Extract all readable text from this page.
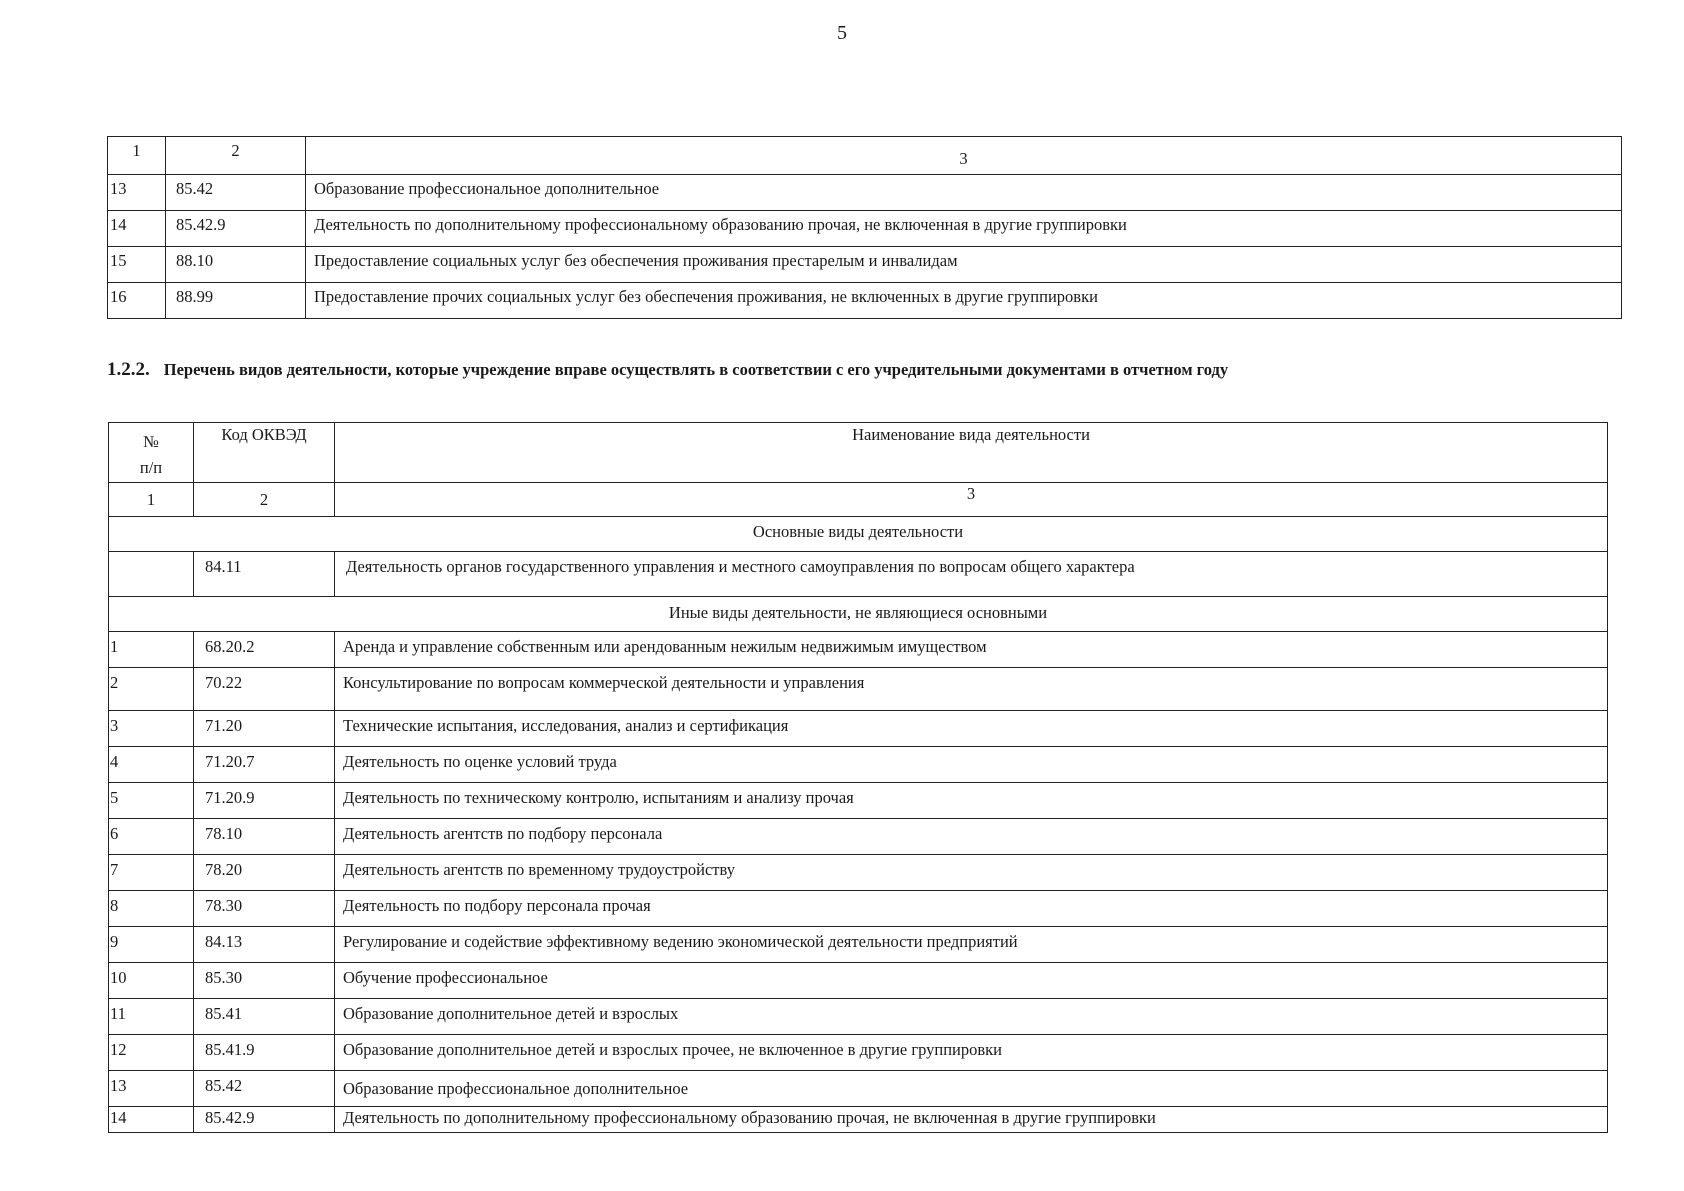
5
1	2	3
13	85.42	Образование профессиональное дополнительное
14	85.42.9	Деятельность по дополнительному профессиональному образованию прочая, не включенная в другие группировки
15	88.10	Предоставление социальных услуг без обеспечения проживания престарелым и инвалидам
16	88.99	Предоставление прочих социальных услуг без обеспечения проживания, не включенных в другие группировки
1.2.2. Перечень видов деятельности, которые учреждение вправе осуществлять в соответствии с его учредительными документами в отчетном году
№
п/п	Код ОКВЭД	Наименование вида деятельности
1	2	3
Основные виды деятельности		
	84.11	Деятельность органов государственного управления и местного самоуправления по вопросам общего характера
Иные виды деятельности, не являющиеся основными		
1	68.20.2	Аренда и управление собственным или арендованным нежилым недвижимым имуществом
2	70.22	Консультирование по вопросам коммерческой деятельности и управления
3	71.20	Технические испытания, исследования, анализ и сертификация
4	71.20.7	Деятельность по оценке условий труда
5	71.20.9	Деятельность по техническому контролю, испытаниям и анализу прочая
6	78.10	Деятельность агентств по подбору персонала
7	78.20	Деятельность агентств по временному трудоустройству
8	78.30	Деятельность по подбору персонала прочая
9	84.13	Регулирование и содействие эффективному ведению экономической деятельности предприятий
10	85.30	Обучение профессиональное
11	85.41	Образование дополнительное детей и взрослых
12	85.41.9	Образование дополнительное детей и взрослых прочее, не включенное в другие группировки
13	85.42	Образование профессиональное дополнительное
14	85.42.9	Деятельность по дополнительному профессиональному образованию прочая, не включенная в другие группировки
